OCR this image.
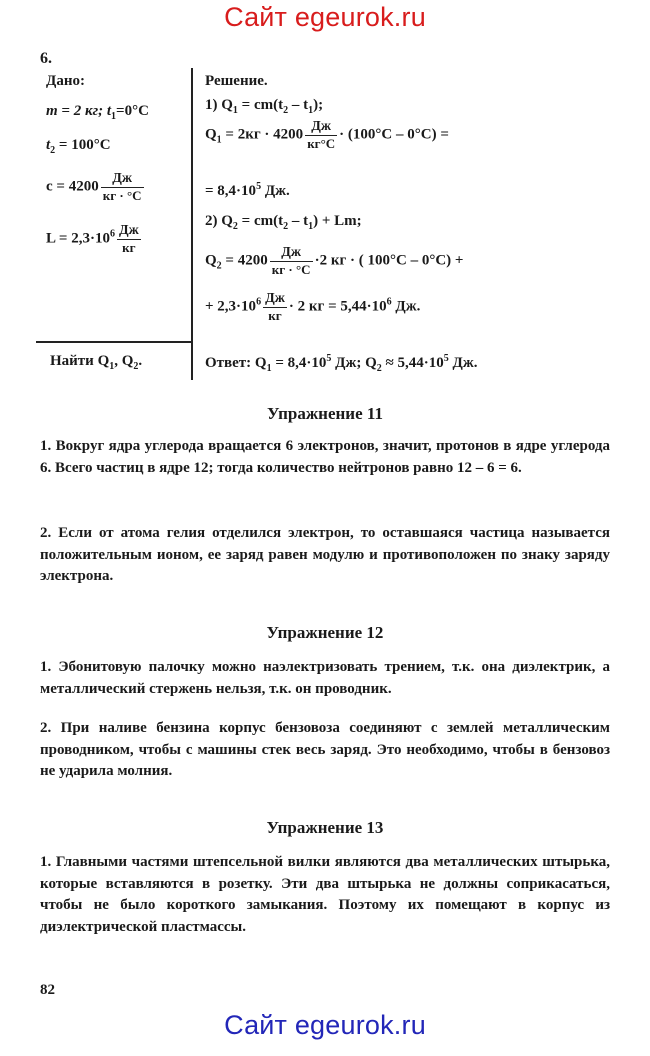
Сайт egeurok.ru
6.
Дано:
m = 2 кг; $t_1=0^\circ C$
$t_2 = 100^\circ C$
$c = 4200 \frac{Дж}{кг \cdot ^\circ C}$
$L = 2,3\cdot 10^6 \frac{Дж}{кг}$
Найти $Q_1$, $Q_2$.
Решение.
1) $Q_1 = cm(t_2 - t_1)$;
$Q_1 = 2кг \cdot 4200 \frac{Дж}{кг^\circ C} \cdot (100^\circ C - 0^\circ C)$ =
= $8,4\cdot 10^5$ Дж.
2) $Q_2 = cm(t_2 - t_1) + Lm$;
$Q_2 = 4200 \frac{Дж}{кг \cdot ^\circ C} \cdot 2$ кг · ( 100°C – 0°C) +
+ $2,3\cdot 10^6 \frac{Дж}{кг} \cdot 2$ кг = $5,44\cdot 10^6$ Дж.
Ответ: $Q_1 = 8,4\cdot 10^5$ Дж; $Q_2 \approx 5,44\cdot 10^5$ Дж.
Упражнение 11
1. Вокруг ядра углерода вращается 6 электронов, значит, протонов в ядре углерода 6. Всего частиц в ядре 12; тогда количество нейтронов равно 12 – 6 = 6.
2. Если от атома гелия отделился электрон, то оставшаяся частица называется положительным ионом, ее заряд равен модулю и противоположен по знаку заряду электрона.
Упражнение 12
1. Эбонитовую палочку можно наэлектризовать трением, т.к. она диэлектрик, а металлический стержень нельзя, т.к. он проводник.
2. При наливе бензина корпус бензовоза соединяют с землей металлическим проводником, чтобы с машины стек весь заряд. Это необходимо, чтобы в бензовоз не ударила молния.
Упражнение 13
1. Главными частями штепсельной вилки являются два металлических штырька, которые вставляются в розетку. Эти два штырька не должны соприкасаться, чтобы не было короткого замыкания. Поэтому их помещают в корпус из диэлектрической пластмассы.
82
Сайт egeurok.ru
